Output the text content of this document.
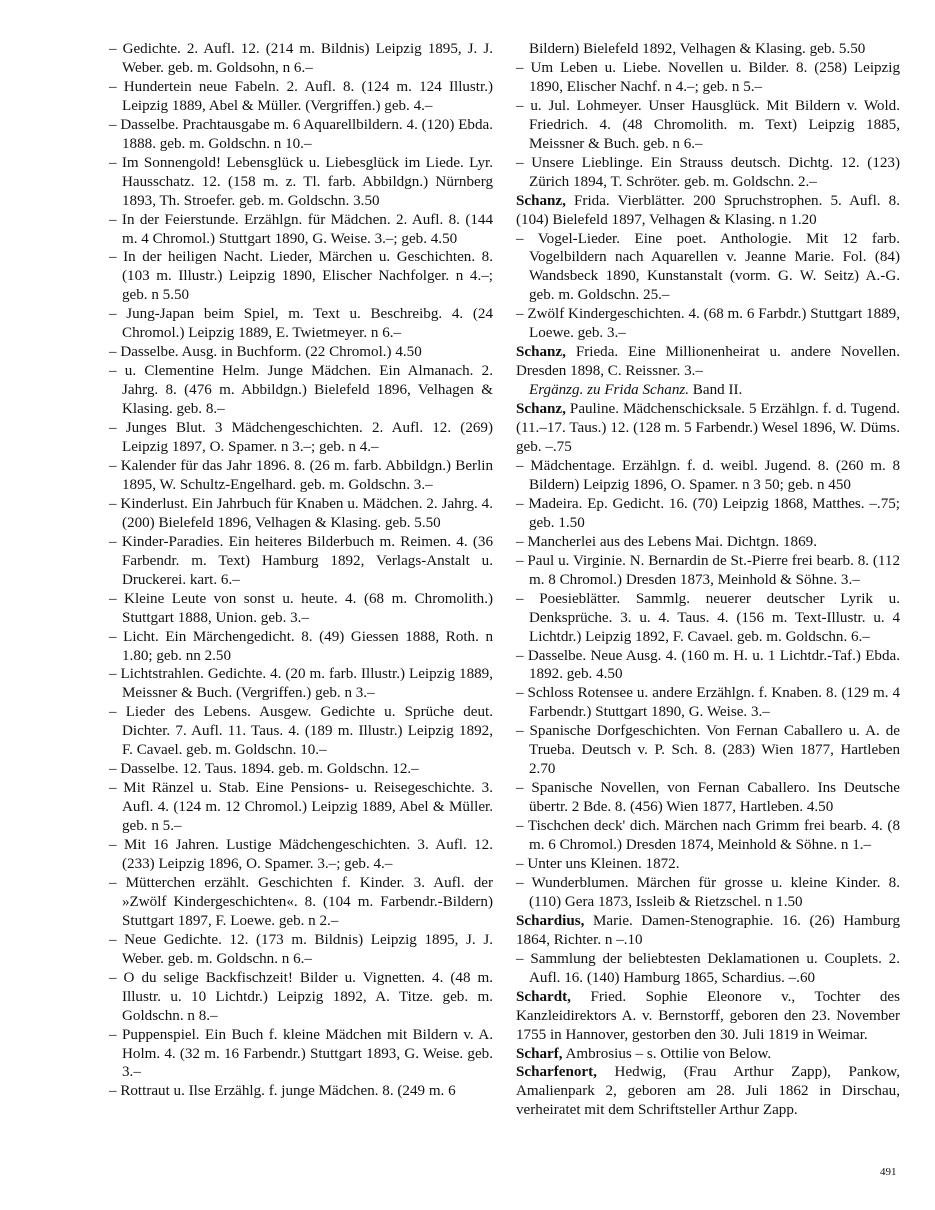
– Gedichte. 2. Aufl. 12. (214 m. Bildnis) Leipzig 1895, J. J. Weber. geb. m. Goldsohn, n 6.–

– Hundertein neue Fabeln. 2. Aufl. 8. (124 m. 124 Illustr.) Leipzig 1889, Abel & Müller. (Vergriffen.) geb. 4.–

– Dasselbe. Prachtausgabe m. 6 Aquarellbildern. 4. (120) Ebda. 1888. geb. m. Goldschn. n 10.–

– Im Sonnengold! Lebensglück u. Liebesglück im Liede. Lyr. Hausschatz. 12. (158 m. z. Tl. farb. Abbildgn.) Nürnberg 1893, Th. Stroefer. geb. m. Goldschn. 3.50

– In der Feierstunde. Erzählgn. für Mädchen. 2. Aufl. 8. (144 m. 4 Chromol.) Stuttgart 1890, G. Weise. 3.–; geb. 4.50

– In der heiligen Nacht. Lieder, Märchen u. Geschichten. 8. (103 m. Illustr.) Leipzig 1890, Elischer Nachfolger. n 4.–; geb. n 5.50

– Jung-Japan beim Spiel, m. Text u. Beschreibg. 4. (24 Chromol.) Leipzig 1889, E. Twietmeyer. n 6.–

– Dasselbe. Ausg. in Buchform. (22 Chromol.) 4.50

– u. Clementine Helm. Junge Mädchen. Ein Almanach. 2. Jahrg. 8. (476 m. Abbildgn.) Bielefeld 1896, Velhagen & Klasing. geb. 8.–

– Junges Blut. 3 Mädchengeschichten. 2. Aufl. 12. (269) Leipzig 1897, O. Spamer. n 3.–; geb. n 4.–

– Kalender für das Jahr 1896. 8. (26 m. farb. Abbildgn.) Berlin 1895, W. Schultz-Engelhard. geb. m. Goldschn. 3.–

– Kinderlust. Ein Jahrbuch für Knaben u. Mädchen. 2. Jahrg. 4. (200) Bielefeld 1896, Velhagen & Klasing. geb. 5.50

– Kinder-Paradies. Ein heiteres Bilderbuch m. Reimen. 4. (36 Farbendr. m. Text) Hamburg 1892, Verlags-Anstalt u. Druckerei. kart. 6.–

– Kleine Leute von sonst u. heute. 4. (68 m. Chromolith.) Stuttgart 1888, Union. geb. 3.–

– Licht. Ein Märchengedicht. 8. (49) Giessen 1888, Roth. n 1.80; geb. nn 2.50

– Lichtstrahlen. Gedichte. 4. (20 m. farb. Illustr.) Leipzig 1889, Meissner & Buch. (Vergriffen.) geb. n 3.–

– Lieder des Lebens. Ausgew. Gedichte u. Sprüche deut. Dichter. 7. Aufl. 11. Taus. 4. (189 m. Illustr.) Leipzig 1892, F. Cavael. geb. m. Goldschn. 10.–

– Dasselbe. 12. Taus. 1894. geb. m. Goldschn. 12.–

– Mit Ränzel u. Stab. Eine Pensions- u. Reisegeschichte. 3. Aufl. 4. (124 m. 12 Chromol.) Leipzig 1889, Abel & Müller. geb. n 5.–

– Mit 16 Jahren. Lustige Mädchengeschichten. 3. Aufl. 12. (233) Leipzig 1896, O. Spamer. 3.–; geb. 4.–

– Mütterchen erzählt. Geschichten f. Kinder. 3. Aufl. der »Zwölf Kindergeschichten«. 8. (104 m. Farbendr.-Bildern) Stuttgart 1897, F. Loewe. geb. n 2.–

– Neue Gedichte. 12. (173 m. Bildnis) Leipzig 1895, J. J. Weber. geb. m. Goldschn. n 6.–

– O du selige Backfischzeit! Bilder u. Vignetten. 4. (48 m. Illustr. u. 10 Lichtdr.) Leipzig 1892, A. Titze. geb. m. Goldschn. n 8.–

– Puppenspiel. Ein Buch f. kleine Mädchen mit Bildern v. A. Holm. 4. (32 m. 16 Farbendr.) Stuttgart 1893, G. Weise. geb. 3.–

– Rottraut u. Ilse Erzählg. f. junge Mädchen. 8. (249 m. 6

Bildern) Bielefeld 1892, Velhagen & Klasing. geb. 5.50

– Um Leben u. Liebe. Novellen u. Bilder. 8. (258) Leipzig 1890, Elischer Nachf. n 4.–; geb. n 5.–

– u. Jul. Lohmeyer. Unser Hausglück. Mit Bildern v. Wold. Friedrich. 4. (48 Chromolith. m. Text) Leipzig 1885, Meissner & Buch. geb. n 6.–

– Unsere Lieblinge. Ein Strauss deutsch. Dichtg. 12. (123) Zürich 1894, T. Schröter. geb. m. Goldschn. 2.–

Schanz, Frida. Vierblätter. 200 Spruchstrophen. 5. Aufl. 8. (104) Bielefeld 1897, Velhagen & Klasing. n 1.20

– Vogel-Lieder. Eine poet. Anthologie. Mit 12 farb. Vogelbildern nach Aquarellen v. Jeanne Marie. Fol. (84) Wandsbeck 1890, Kunstanstalt (vorm. G. W. Seitz) A.-G. geb. m. Goldschn. 25.–

– Zwölf Kindergeschichten. 4. (68 m. 6 Farbdr.) Stuttgart 1889, Loewe. geb. 3.–

Schanz, Frieda. Eine Millionenheirat u. andere Novellen. Dresden 1898, C. Reissner. 3.–

Ergänzg. zu Frida Schanz. Band II.

Schanz, Pauline. Mädchenschicksale. 5 Erzählgn. f. d. Tugend. (11.–17. Taus.) 12. (128 m. 5 Farbendr.) Wesel 1896, W. Düms. geb. –.75

– Mädchentage. Erzählgn. f. d. weibl. Jugend. 8. (260 m. 8 Bildern) Leipzig 1896, O. Spamer. n 3 50; geb. n 450

– Madeira. Ep. Gedicht. 16. (70) Leipzig 1868, Matthes. –.75; geb. 1.50

– Mancherlei aus des Lebens Mai. Dichtgn. 1869.

– Paul u. Virginie. N. Bernardin de St.-Pierre frei bearb. 8. (112 m. 8 Chromol.) Dresden 1873, Meinhold & Söhne. 3.–

– Poesieblätter. Sammlg. neuerer deutscher Lyrik u. Denksprüche. 3. u. 4. Taus. 4. (156 m. Text-Illustr. u. 4 Lichtdr.) Leipzig 1892, F. Cavael. geb. m. Goldschn. 6.–

– Dasselbe. Neue Ausg. 4. (160 m. H. u. 1 Lichtdr.-Taf.) Ebda. 1892. geb. 4.50

– Schloss Rotensee u. andere Erzählgn. f. Knaben. 8. (129 m. 4 Farbendr.) Stuttgart 1890, G. Weise. 3.–

– Spanische Dorfgeschichten. Von Fernan Caballero u. A. de Trueba. Deutsch v. P. Sch. 8. (283) Wien 1877, Hartleben 2.70

– Spanische Novellen, von Fernan Caballero. Ins Deutsche übertr. 2 Bde. 8. (456) Wien 1877, Hartleben. 4.50

– Tischchen deck' dich. Märchen nach Grimm frei bearb. 4. (8 m. 6 Chromol.) Dresden 1874, Meinhold & Söhne. n 1.–

– Unter uns Kleinen. 1872.

– Wunderblumen. Märchen für grosse u. kleine Kinder. 8. (110) Gera 1873, Issleib & Rietzschel. n 1.50

Schardius, Marie. Damen-Stenographie. 16. (26) Hamburg 1864, Richter. n –.10

– Sammlung der beliebtesten Deklamationen u. Couplets. 2. Aufl. 16. (140) Hamburg 1865, Schardius. –.60

Schardt, Fried. Sophie Eleonore v., Tochter des Kanzleidirektors A. v. Bernstorff, geboren den 23. November 1755 in Hannover, gestorben den 30. Juli 1819 in Weimar.

Scharf, Ambrosius – s. Ottilie von Below.

Scharfenort, Hedwig, (Frau Arthur Zapp), Pankow, Amalienpark 2, geboren am 28. Juli 1862 in Dirschau, verheiratet mit dem Schriftsteller Arthur Zapp.

491
